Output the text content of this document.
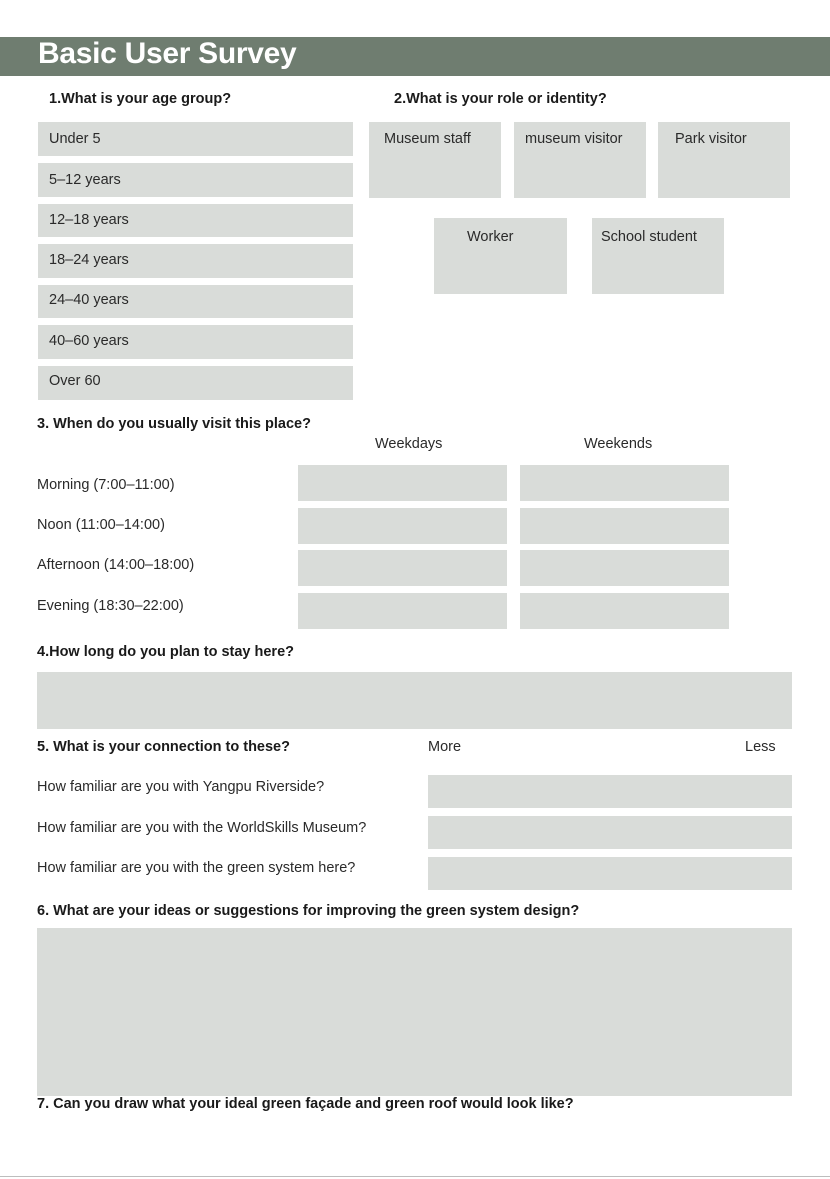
Basic User Survey
1.What is your age group?
Under 5
5–12 years
12–18 years
18–24 years
24–40 years
40–60 years
Over 60
2.What is your role or identity?
Museum staff	museum visitor	Park visitor
Worker	School student
3. When do you usually visit this place?
Weekdays	Weekends
Morning (7:00–11:00)
Noon (11:00–14:00)
Afternoon (14:00–18:00)
Evening (18:30–22:00)
4.How long do you plan to stay here?
5. What is your connection to these?	More	Less
How familiar are you with Yangpu Riverside?
How familiar are you with the WorldSkills Museum?
How familiar are you with the green system here?
6. What are your ideas or suggestions for improving the green system design?
7. Can you draw what your ideal green façade and green roof would look like?
